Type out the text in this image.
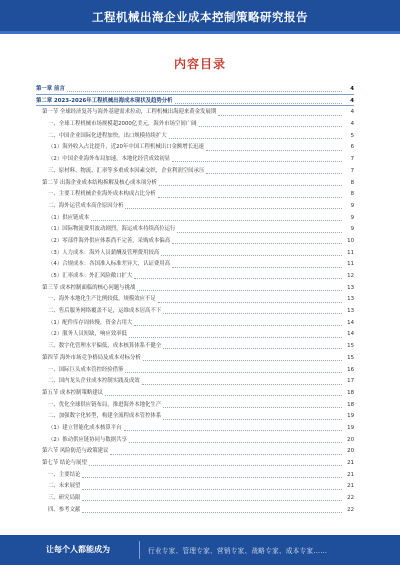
工程机械出海企业成本控制策略研究报告
内容目录
第一章 前言	4
第二章 2023-2026年工程机械出海成本现状及趋势分析	4
第一节 全球经济复苏与海外基建需求拉动，工程机械出海迎来黄金发展期	4
一、全球工程机械市场规模超2000亿美元，海外市场空间广阔	4
二、中国企业国际化进程加快，出口规模持续扩大	5
（1）海外收入占比提升，近20年中国工程机械出口金额增长迅速	6
（2）中国企业海外布局加速，本地化经营成效初显	7
三、原材料、物流、汇率等多重成本因素交织，企业利润空间承压	7
第二节 出海企业成本结构拆解及核心成本项分析	8
一、主要工程机械企业海外成本构成占比分析	8
二、海外运营成本高企原因分析	9
（1）供应链成本	9
（1）国际物流费用波动剧烈，海运成本持续高位运行	9
（2）零部件海外供应体系尚不完善，采购成本偏高	10
（3）人力成本：海外人员薪酬及管理费用较高	11
（4）合规成本：各国准入标准差异大，认证费用高	11
（5）汇率成本：外汇风险敞口扩大	12
第三节 成本控制面临的核心问题与挑战	13
一、海外本地化生产比例较低，规模效应不足	13
二、售后服务网络覆盖不足，运维成本居高不下	13
（1）配件库存周转慢，资金占用大	14
（2）服务人员短缺，响应效率低	14
三、数字化管理水平偏低，成本核算体系不健全	15
第四节 海外市场竞争格局及成本对标分析	15
一、国际巨头成本管控经验借鉴	16
二、国内龙头企业成本控制实践及成效	17
第五节 成本控制策略建议	18
一、优化全球供应链布局，推进海外本地化生产	18
二、加强数字化转型，构建全流程成本管控体系	19
（1）建立智能化成本核算平台	19
（2）推动供应链协同与数据共享	20
第六节 风险防范与政策建议	20
第七节 结论与展望	21
一、主要结论	21
二、未来展望	21
三、研究局限	22
四、参考文献	22
让每个人都能成为	行业专家、管理专家、营销专家、战略专家、成本专家……
